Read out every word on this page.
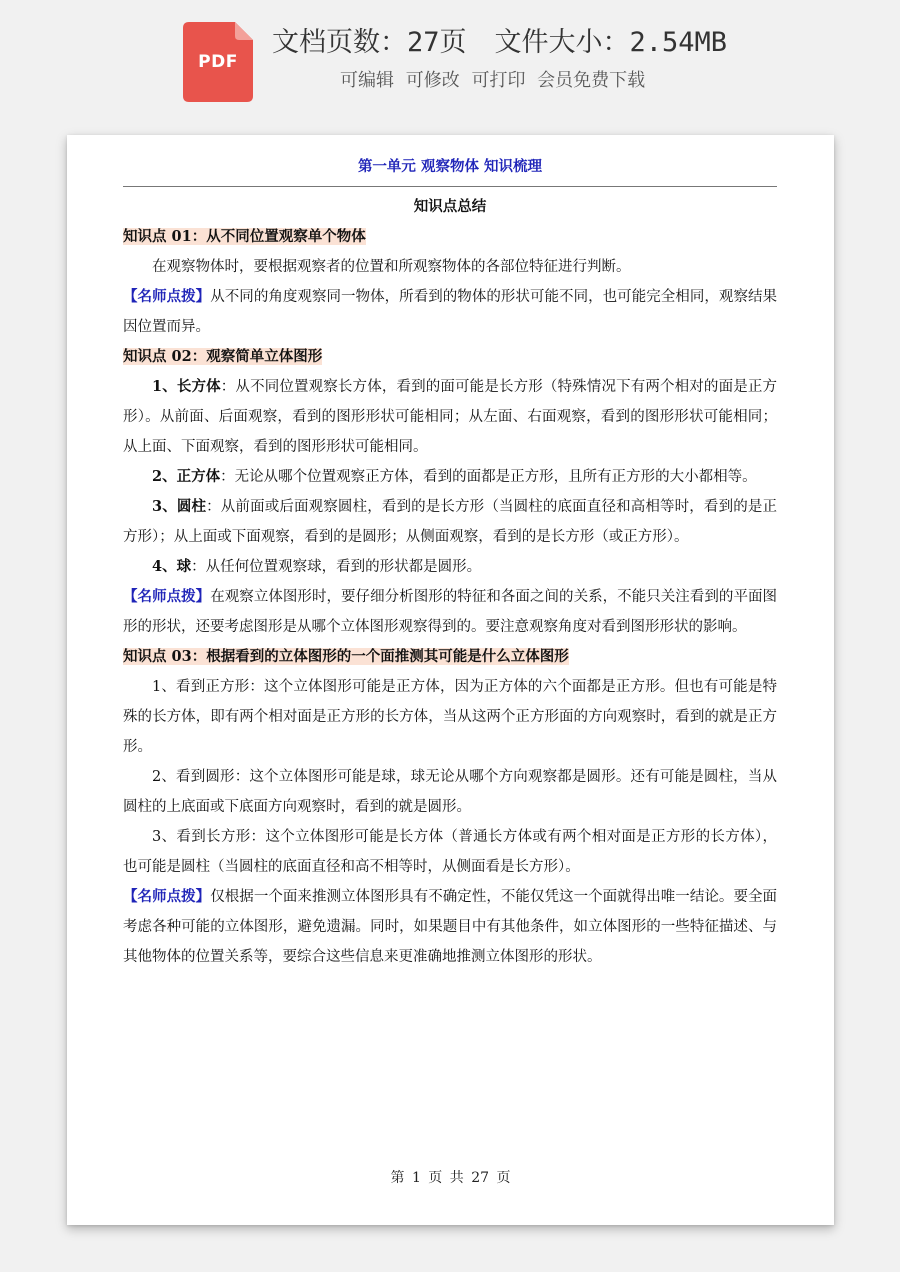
PDF
文档页数：27页 文件大小：2.54MB
可编辑 可修改 可打印 会员免费下载
第一单元 观察物体 知识梳理

知识点总结

知识点 01：从不同位置观察单个物体

在观察物体时，要根据观察者的位置和所观察物体的各部位特征进行判断。

【名师点拨】从不同的角度观察同一物体，所看到的物体的形状可能不同，也可能完全相同，观察结果因位置而异。

知识点 02：观察简单立体图形

1、长方体：从不同位置观察长方体，看到的面可能是长方形（特殊情况下有两个相对的面是正方形）。从前面、后面观察，看到的图形形状可能相同；从左面、右面观察，看到的图形形状可能相同；从上面、下面观察，看到的图形形状可能相同。

2、正方体：无论从哪个位置观察正方体，看到的面都是正方形，且所有正方形的大小都相等。

3、圆柱：从前面或后面观察圆柱，看到的是长方形（当圆柱的底面直径和高相等时，看到的是正方形）；从上面或下面观察，看到的是圆形；从侧面观察，看到的是长方形（或正方形）。

4、球：从任何位置观察球，看到的形状都是圆形。

【名师点拨】在观察立体图形时，要仔细分析图形的特征和各面之间的关系，不能只关注看到的平面图形的形状，还要考虑图形是从哪个立体图形观察得到的。要注意观察角度对看到图形形状的影响。

知识点 03：根据看到的立体图形的一个面推测其可能是什么立体图形

1、看到正方形：这个立体图形可能是正方体，因为正方体的六个面都是正方形。但也有可能是特殊的长方体，即有两个相对面是正方形的长方体，当从这两个正方形面的方向观察时，看到的就是正方形。

2、看到圆形：这个立体图形可能是球，球无论从哪个方向观察都是圆形。还有可能是圆柱，当从圆柱的上底面或下底面方向观察时，看到的就是圆形。

3、看到长方形：这个立体图形可能是长方体（普通长方体或有两个相对面是正方形的长方体），也可能是圆柱（当圆柱的底面直径和高不相等时，从侧面看是长方形）。

【名师点拨】仅根据一个面来推测立体图形具有不确定性，不能仅凭这一个面就得出唯一结论。要全面考虑各种可能的立体图形，避免遗漏。同时，如果题目中有其他条件，如立体图形的一些特征描述、与其他物体的位置关系等，要综合这些信息来更准确地推测立体图形的形状。

第 1 页 共 27 页
